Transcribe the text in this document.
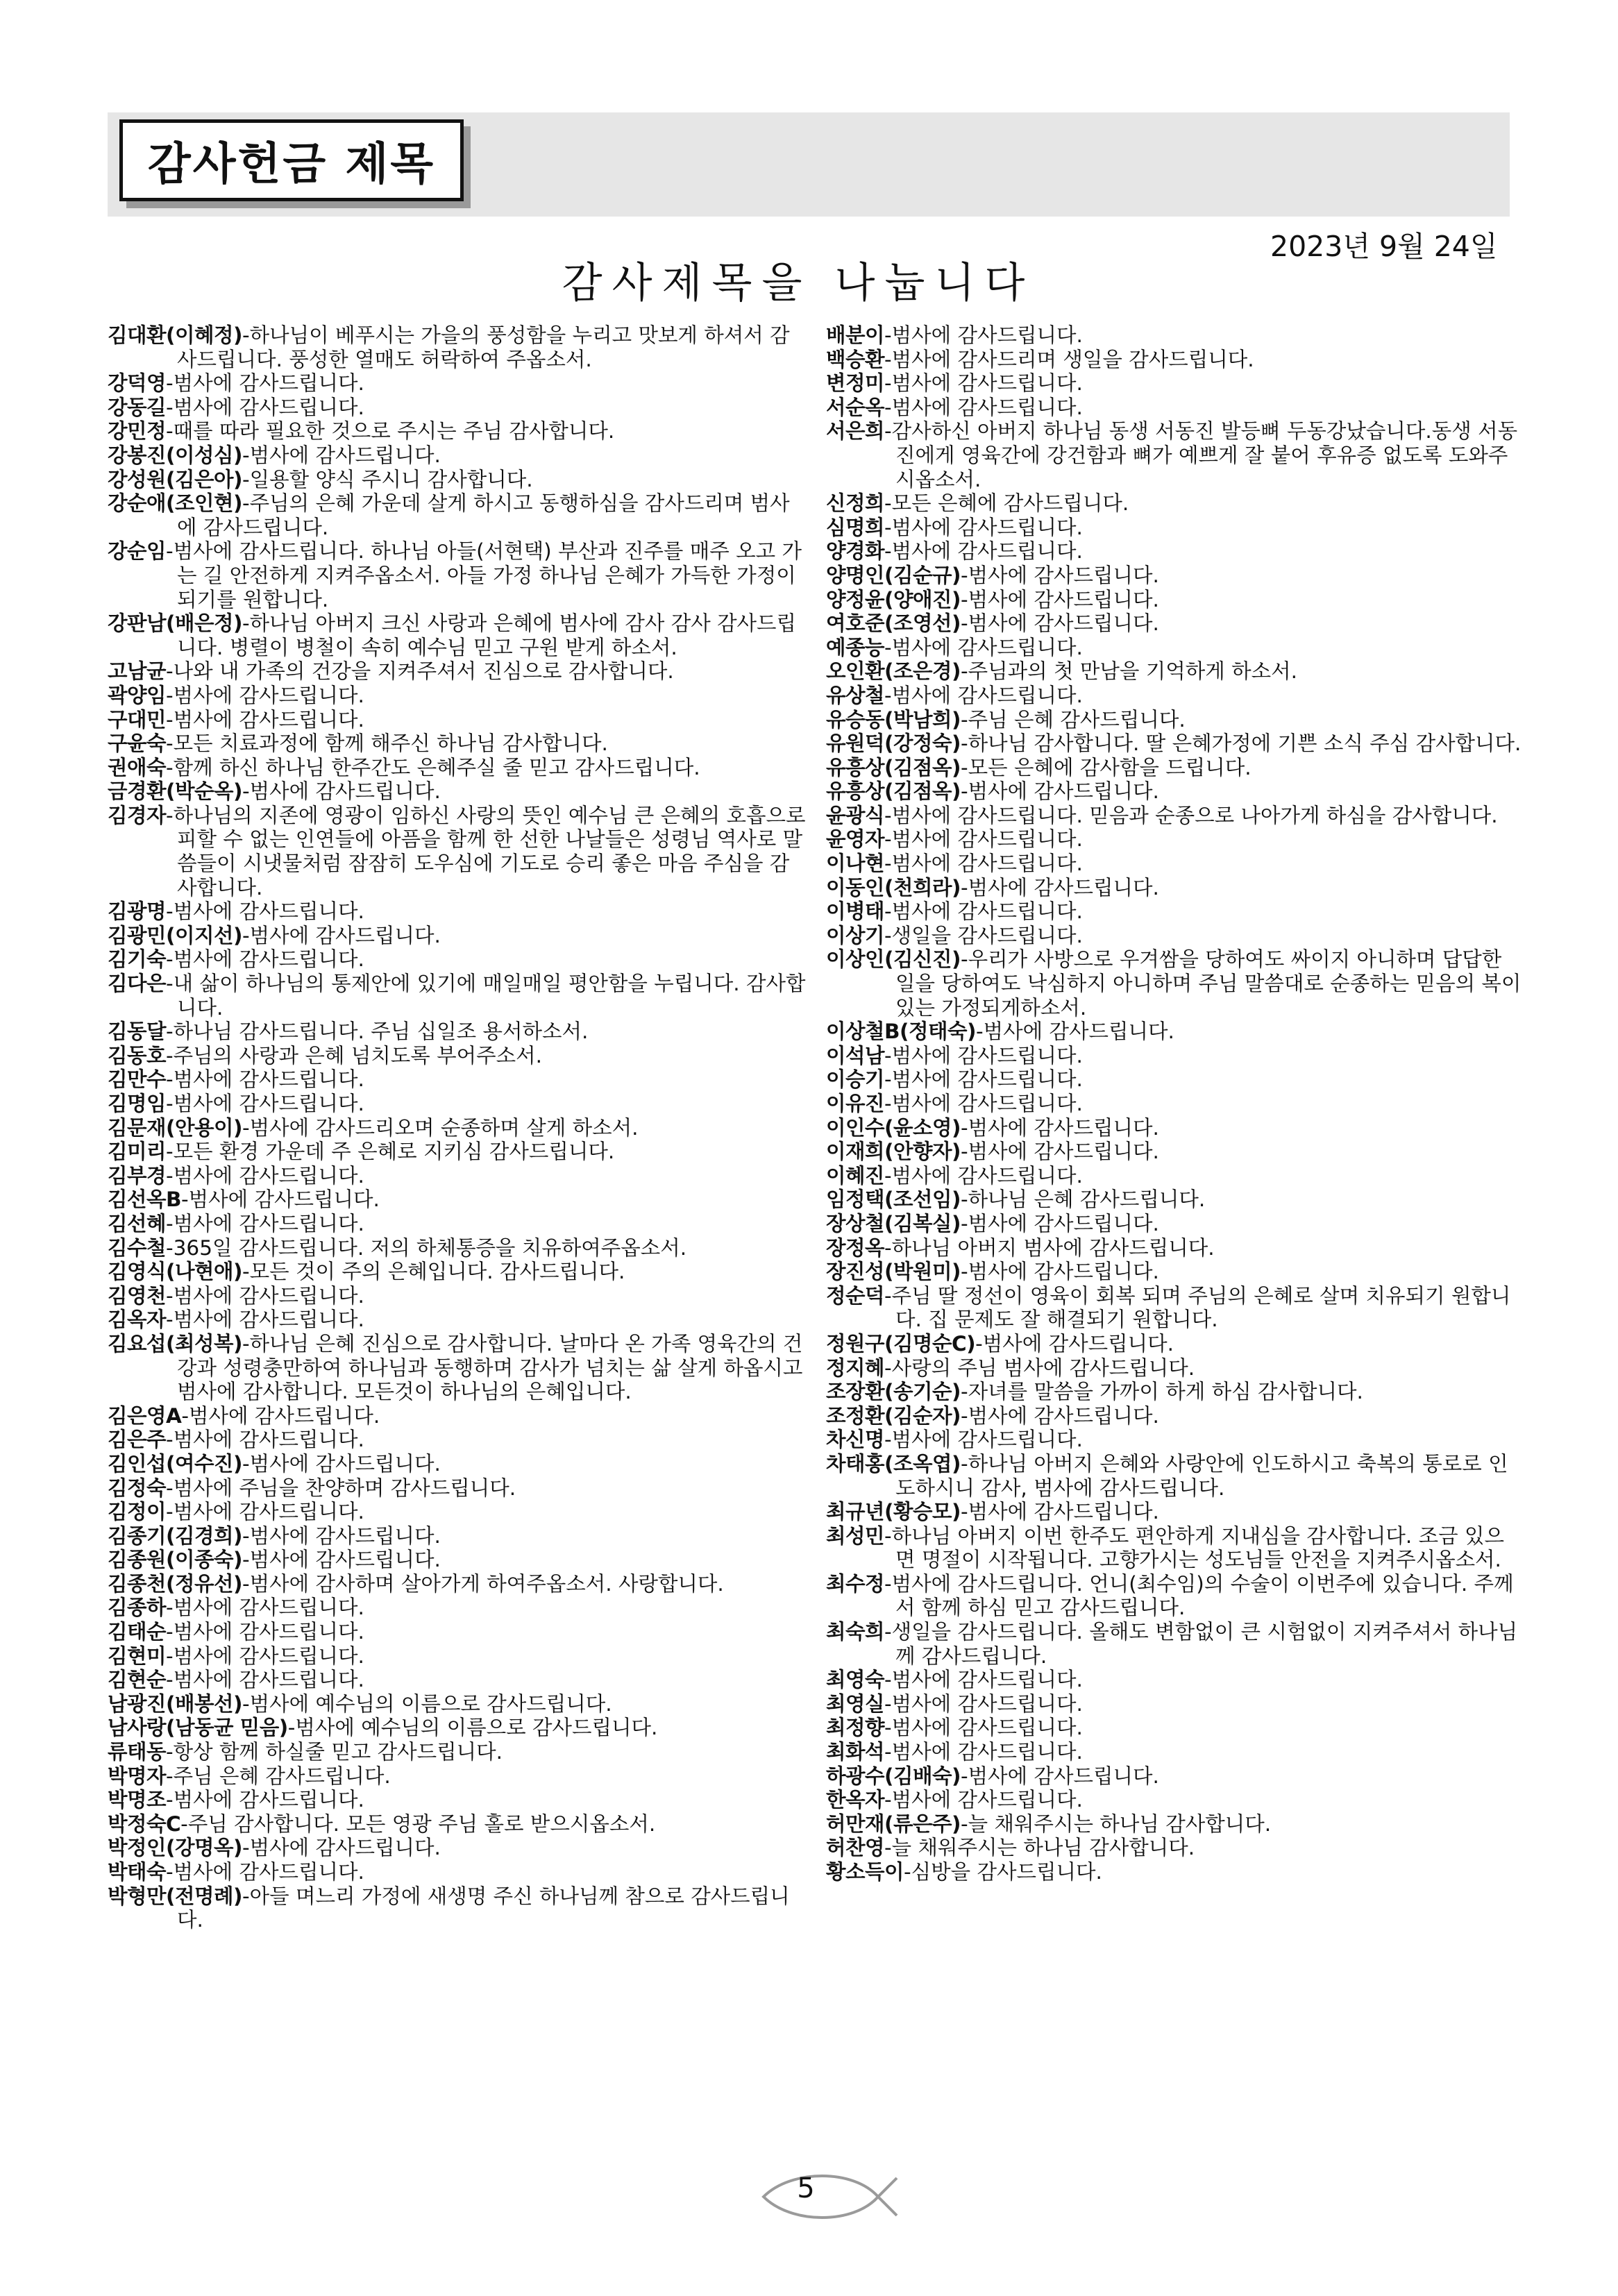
감사헌금 제목
2023년 9월 24일
감사제목을 나눕니다

김대환(이혜정)-하나님이 베푸시는 가을의 풍성함을 누리고 맛보게 하셔서 감사드립니다. 풍성한 열매도 허락하여 주옵소서.

강덕영-범사에 감사드립니다.

강동길-범사에 감사드립니다.

강민정-때를 따라 필요한 것으로 주시는 주님 감사합니다.

강봉진(이성심)-범사에 감사드립니다.

강성원(김은아)-일용할 양식 주시니 감사합니다.

강순애(조인현)-주님의 은혜 가운데 살게 하시고 동행하심을 감사드리며 범사에 감사드립니다.

강순임-범사에 감사드립니다. 하나님 아들(서현택) 부산과 진주를 매주 오고 가는 길 안전하게 지켜주옵소서. 아들 가정 하나님 은혜가 가득한 가정이 되기를 원합니다.

강판남(배은정)-하나님 아버지 크신 사랑과 은혜에 범사에 감사 감사 감사드립니다. 병렬이 병철이 속히 예수님 믿고 구원 받게 하소서.

고남균-나와 내 가족의 건강을 지켜주셔서 진심으로 감사합니다.

곽양임-범사에 감사드립니다.

구대민-범사에 감사드립니다.

구윤숙-모든 치료과정에 함께 해주신 하나님 감사합니다.

권애숙-함께 하신 하나님 한주간도 은혜주실 줄 믿고 감사드립니다.

금경환(박순옥)-범사에 감사드립니다.

김경자-하나님의 지존에 영광이 임하신 사랑의 뜻인 예수님 큰 은혜의 호흡으로 피할 수 없는 인연들에 아픔을 함께 한 선한 나날들은 성령님 역사로 말씀들이 시냇물처럼 잠잠히 도우심에 기도로 승리 좋은 마음 주심을 감사합니다.

김광명-범사에 감사드립니다.

김광민(이지선)-범사에 감사드립니다.

김기숙-범사에 감사드립니다.

김다은-내 삶이 하나님의 통제안에 있기에 매일매일 평안함을 누립니다. 감사합니다.

김동달-하나님 감사드립니다. 주님 십일조 용서하소서.

김동호-주님의 사랑과 은혜 넘치도록 부어주소서.

김만수-범사에 감사드립니다.

김명임-범사에 감사드립니다.

김문재(안용이)-범사에 감사드리오며 순종하며 살게 하소서.

김미리-모든 환경 가운데 주 은혜로 지키심 감사드립니다.

김부경-범사에 감사드립니다.

김선옥B-범사에 감사드립니다.

김선혜-범사에 감사드립니다.

김수철-365일 감사드립니다. 저의 하체통증을 치유하여주옵소서.

김영식(나현애)-모든 것이 주의 은혜입니다. 감사드립니다.

김영천-범사에 감사드립니다.

김옥자-범사에 감사드립니다.

김요섭(최성복)-하나님 은혜 진심으로 감사합니다. 날마다 온 가족 영육간의 건강과 성령충만하여 하나님과 동행하며 감사가 넘치는 삶 살게 하옵시고 범사에 감사합니다. 모든것이 하나님의 은혜입니다.

김은영A-범사에 감사드립니다.

김은주-범사에 감사드립니다.

김인섭(여수진)-범사에 감사드립니다.

김정숙-범사에 주님을 찬양하며 감사드립니다.

김정이-범사에 감사드립니다.

김종기(김경희)-범사에 감사드립니다.

김종원(이종숙)-범사에 감사드립니다.

김종천(정유선)-범사에 감사하며 살아가게 하여주옵소서. 사랑합니다.

김종하-범사에 감사드립니다.

김태순-범사에 감사드립니다.

김현미-범사에 감사드립니다.

김현순-범사에 감사드립니다.

남광진(배봉선)-범사에 예수님의 이름으로 감사드립니다.

남사랑(남동균 믿음)-범사에 예수님의 이름으로 감사드립니다.

류태동-항상 함께 하실줄 믿고 감사드립니다.

박명자-주님 은혜 감사드립니다.

박명조-범사에 감사드립니다.

박정숙C-주님 감사합니다. 모든 영광 주님 홀로 받으시옵소서.

박정인(강명옥)-범사에 감사드립니다.

박태숙-범사에 감사드립니다.

박형만(전명례)-아들 며느리 가정에 새생명 주신 하나님께 참으로 감사드립니다.

배분이-범사에 감사드립니다.

백승환-범사에 감사드리며 생일을 감사드립니다.

변정미-범사에 감사드립니다.

서순옥-범사에 감사드립니다.

서은희-감사하신 아버지 하나님 동생 서동진 발등뼈 두동강났습니다.동생 서동진에게 영육간에 강건함과 뼈가 예쁘게 잘 붙어 후유증 없도록 도와주시옵소서.

신정희-모든 은혜에 감사드립니다.

심명희-범사에 감사드립니다.

양경화-범사에 감사드립니다.

양명인(김순규)-범사에 감사드립니다.

양정윤(양애진)-범사에 감사드립니다.

여호준(조영선)-범사에 감사드립니다.

예종능-범사에 감사드립니다.

오인환(조은경)-주님과의 첫 만남을 기억하게 하소서.

유상철-범사에 감사드립니다.

유승동(박남희)-주님 은혜 감사드립니다.

유원덕(강정숙)-하나님 감사합니다. 딸 은혜가정에 기쁜 소식 주심 감사합니다.

유흥상(김점옥)-모든 은혜에 감사함을 드립니다.

유흥상(김점옥)-범사에 감사드립니다.

윤광식-범사에 감사드립니다. 믿음과 순종으로 나아가게 하심을 감사합니다.

윤영자-범사에 감사드립니다.

이나현-범사에 감사드립니다.

이동인(천희라)-범사에 감사드립니다.

이병태-범사에 감사드립니다.

이상기-생일을 감사드립니다.

이상인(김신진)-우리가 사방으로 우겨쌈을 당하여도 싸이지 아니하며 답답한 일을 당하여도 낙심하지 아니하며 주님 말씀대로 순종하는 믿음의 복이 있는 가정되게하소서.

이상철B(정태숙)-범사에 감사드립니다.

이석남-범사에 감사드립니다.

이승기-범사에 감사드립니다.

이유진-범사에 감사드립니다.

이인수(윤소영)-범사에 감사드립니다.

이재희(안향자)-범사에 감사드립니다.

이혜진-범사에 감사드립니다.

임정택(조선임)-하나님 은혜 감사드립니다.

장상철(김복실)-범사에 감사드립니다.

장정옥-하나님 아버지 범사에 감사드립니다.

장진성(박원미)-범사에 감사드립니다.

정순덕-주님 딸 정선이 영육이 회복 되며 주님의 은혜로 살며 치유되기 원합니다. 집 문제도 잘 해결되기 원합니다.

정원구(김명순C)-범사에 감사드립니다.

정지혜-사랑의 주님 범사에 감사드립니다.

조장환(송기순)-자녀를 말씀을 가까이 하게 하심 감사합니다.

조정환(김순자)-범사에 감사드립니다.

차신명-범사에 감사드립니다.

차태홍(조옥엽)-하나님 아버지 은혜와 사랑안에 인도하시고 축복의 통로로 인도하시니 감사, 범사에 감사드립니다.

최규년(황승모)-범사에 감사드립니다.

최성민-하나님 아버지 이번 한주도 편안하게 지내심을 감사합니다. 조금 있으면 명절이 시작됩니다. 고향가시는 성도님들 안전을 지켜주시옵소서.

최수정-범사에 감사드립니다. 언니(최수임)의 수술이 이번주에 있습니다. 주께서 함께 하심 믿고 감사드립니다.

최숙희-생일을 감사드립니다. 올해도 변함없이 큰 시험없이 지켜주셔서 하나님께 감사드립니다.

최영숙-범사에 감사드립니다.

최영실-범사에 감사드립니다.

최정향-범사에 감사드립니다.

최화석-범사에 감사드립니다.

하광수(김배숙)-범사에 감사드립니다.

한옥자-범사에 감사드립니다.

허만재(류은주)-늘 채워주시는 하나님 감사합니다.

허찬영-늘 채워주시는 하나님 감사합니다.

황소득이-심방을 감사드립니다.

5
